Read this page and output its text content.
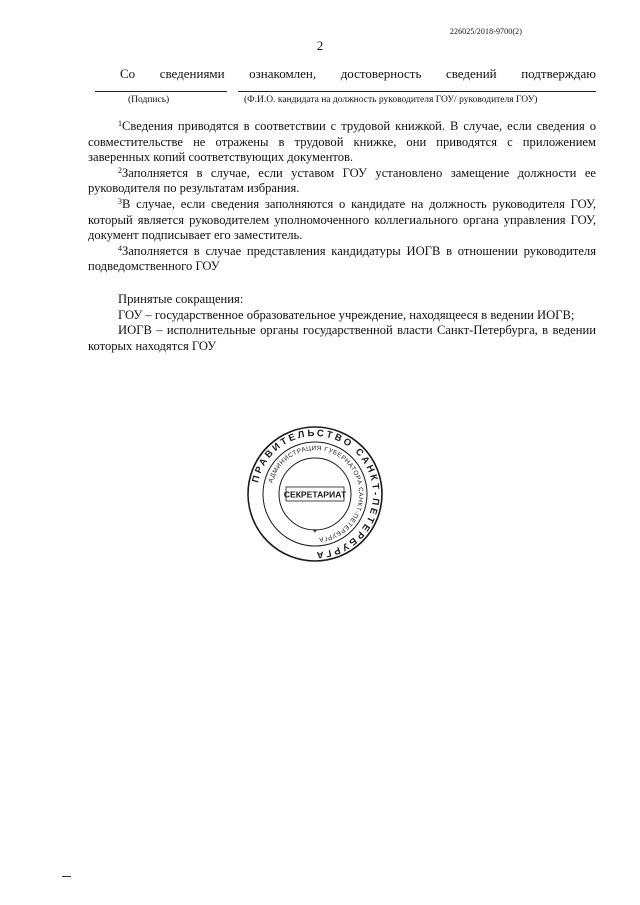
226025/2018-9700(2)
2
Со сведениями ознакомлен, достоверность сведений подтверждаю
(Подпись)	(Ф.И.О. кандидата на должность руководителя ГОУ/ руководителя ГОУ)

$^1$Сведения приводятся в соответствии с трудовой книжкой. В случае, если сведения о совместительстве не отражены в трудовой книжке, они приводятся с приложением заверенных копий соответствующих документов.

$^2$Заполняется в случае, если уставом ГОУ установлено замещение должности ее руководителя по результатам избрания.

$^3$В случае, если сведения заполняются о кандидате на должность руководителя ГОУ, который является руководителем уполномоченного коллегиального органа управления ГОУ, документ подписывает его заместитель.

$^4$Заполняется в случае представления кандидатуры ИОГВ в отношении руководителя подведомственного ГОУ

Принятые сокращения:

ГОУ – государственное образовательное учреждение, находящееся в ведении ИОГВ;

ИОГВ – исполнительные органы государственной власти Санкт-Петербурга, в ведении которых находятся ГОУ

ПРАВИТЕЛЬСТВО САНКТ-ПЕТЕРБУРГА
АДМИНИСТРАЦИЯ ГУБЕРНАТОРА САНКТ-ПЕТЕРБУРГА
СЕКРЕТАРИАТ
*
